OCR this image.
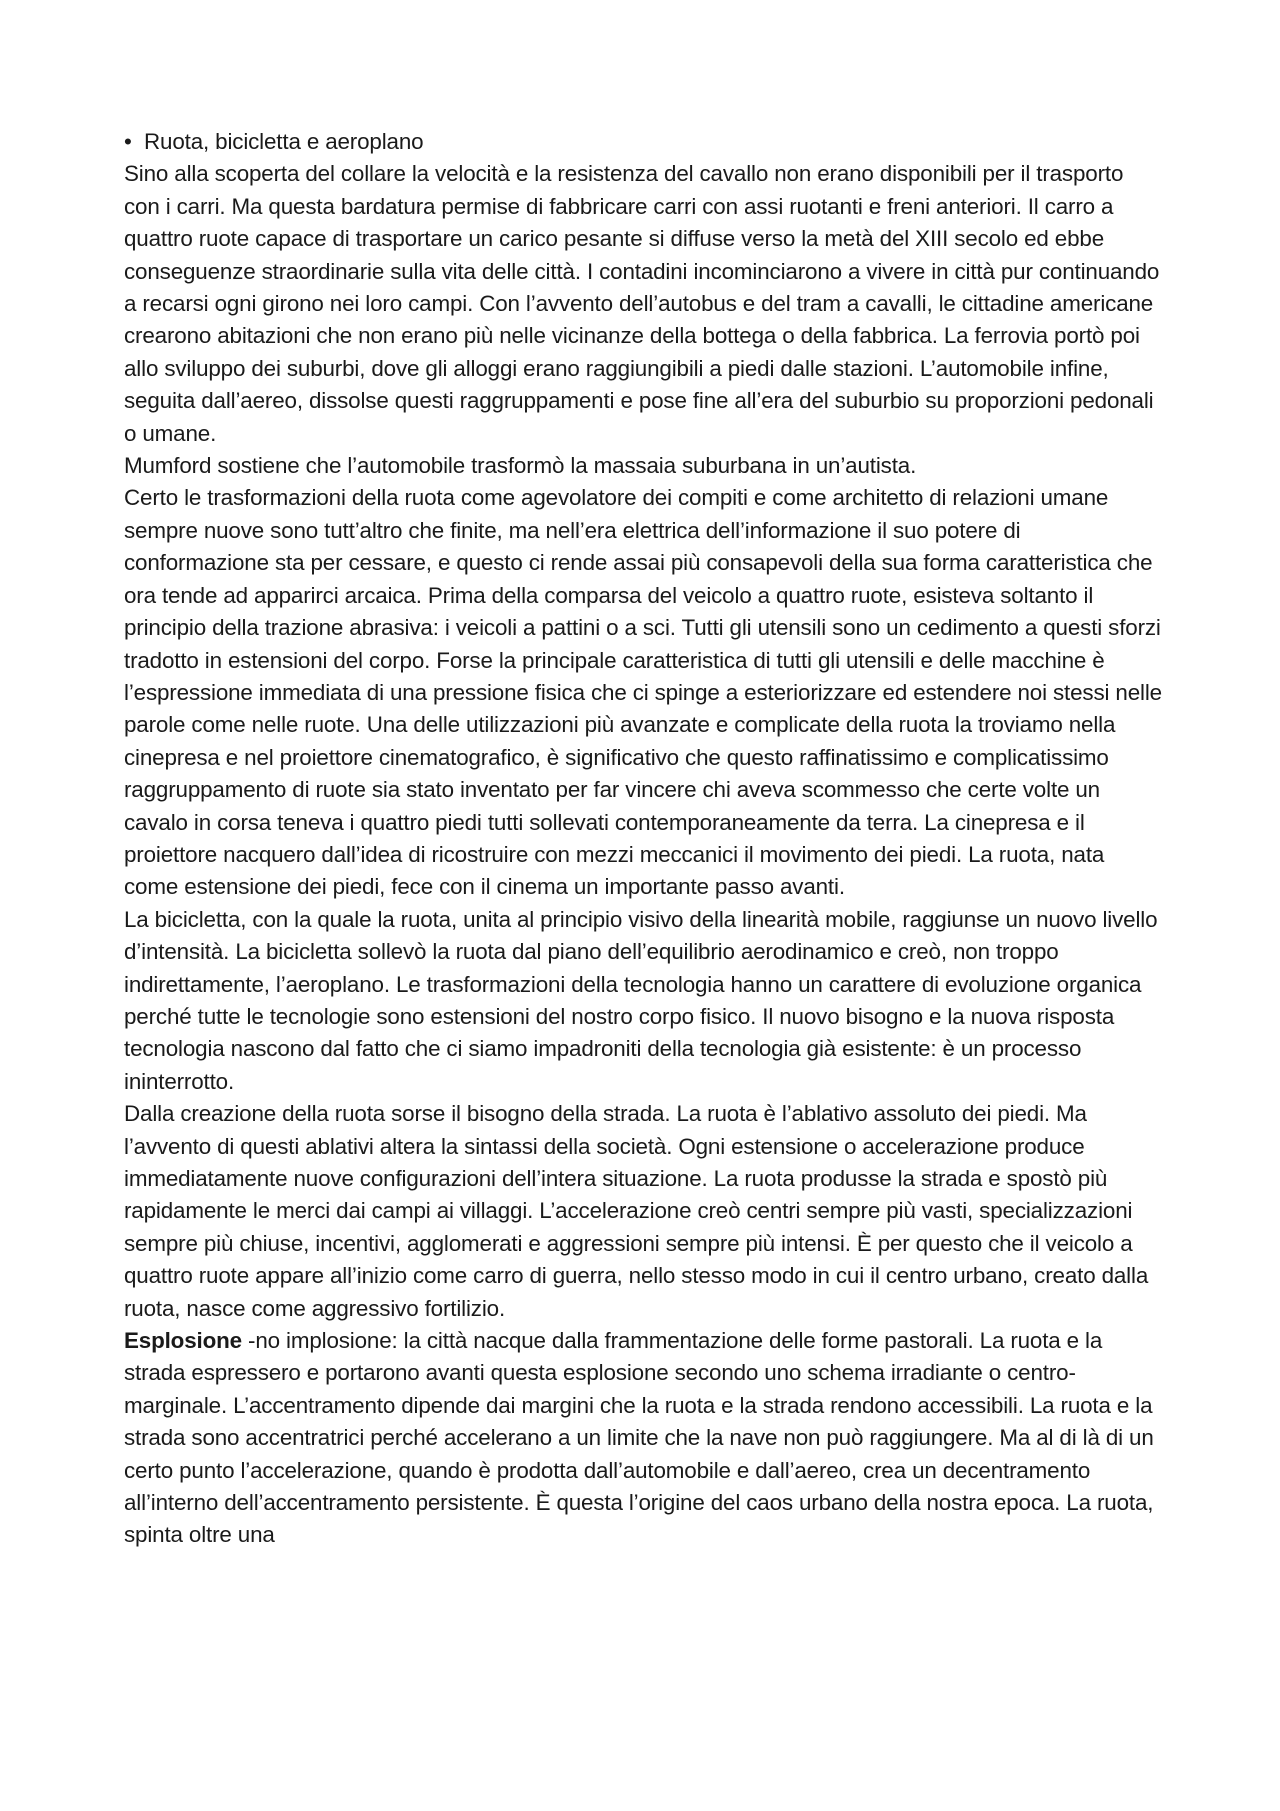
• Ruota, bicicletta e aeroplano

Sino alla scoperta del collare la velocità e la resistenza del cavallo non erano disponibili per il trasporto con i carri. Ma questa bardatura permise di fabbricare carri con assi ruotanti e freni anteriori. Il carro a quattro ruote capace di trasportare un carico pesante si diffuse verso la metà del XIII secolo ed ebbe conseguenze straordinarie sulla vita delle città. I contadini incominciarono a vivere in città pur continuando a recarsi ogni girono nei loro campi. Con l’avvento dell’autobus e del tram a cavalli, le cittadine americane crearono abitazioni che non erano più nelle vicinanze della bottega o della fabbrica. La ferrovia portò poi allo sviluppo dei suburbi, dove gli alloggi erano raggiungibili a piedi dalle stazioni. L’automobile infine, seguita dall’aereo, dissolse questi raggruppamenti e pose fine all’era del suburbio su proporzioni pedonali o umane.

Mumford sostiene che l’automobile trasformò la massaia suburbana in un’autista.

Certo le trasformazioni della ruota come agevolatore dei compiti e come architetto di relazioni umane sempre nuove sono tutt’altro che finite, ma nell’era elettrica dell’informazione il suo potere di conformazione sta per cessare, e questo ci rende assai più consapevoli della sua forma caratteristica che ora tende ad apparirci arcaica. Prima della comparsa del veicolo a quattro ruote, esisteva soltanto il principio della trazione abrasiva: i veicoli a pattini o a sci. Tutti gli utensili sono un cedimento a questi sforzi tradotto in estensioni del corpo. Forse la principale caratteristica di tutti gli utensili e delle macchine è l’espressione immediata di una pressione fisica che ci spinge a esteriorizzare ed estendere noi stessi nelle parole come nelle ruote. Una delle utilizzazioni più avanzate e complicate della ruota la troviamo nella cinepresa e nel proiettore cinematografico, è significativo che questo raffinatissimo e complicatissimo raggruppamento di ruote sia stato inventato per far vincere chi aveva scommesso che certe volte un cavalo in corsa teneva i quattro piedi tutti sollevati contemporaneamente da terra. La cinepresa e il proiettore nacquero dall’idea di ricostruire con mezzi meccanici il movimento dei piedi. La ruota, nata come estensione dei piedi, fece con il cinema un importante passo avanti.

La bicicletta, con la quale la ruota, unita al principio visivo della linearità mobile, raggiunse un nuovo livello d’intensità. La bicicletta sollevò la ruota dal piano dell’equilibrio aerodinamico e creò, non troppo indirettamente, l’aeroplano. Le trasformazioni della tecnologia hanno un carattere di evoluzione organica perché tutte le tecnologie sono estensioni del nostro corpo fisico. Il nuovo bisogno e la nuova risposta tecnologia nascono dal fatto che ci siamo impadroniti della tecnologia già esistente: è un processo ininterrotto.

Dalla creazione della ruota sorse il bisogno della strada. La ruota è l’ablativo assoluto dei piedi. Ma l’avvento di questi ablativi altera la sintassi della società. Ogni estensione o accelerazione produce immediatamente nuove configurazioni dell’intera situazione. La ruota produsse la strada e spostò più rapidamente le merci dai campi ai villaggi. L’accelerazione creò centri sempre più vasti, specializzazioni sempre più chiuse, incentivi, agglomerati e aggressioni sempre più intensi. È per questo che il veicolo a quattro ruote appare all’inizio come carro di guerra, nello stesso modo in cui il centro urbano, creato dalla ruota, nasce come aggressivo fortilizio.

Esplosione -no implosione: la città nacque dalla frammentazione delle forme pastorali. La ruota e la strada espressero e portarono avanti questa esplosione secondo uno schema irradiante o centro-marginale. L’accentramento dipende dai margini che la ruota e la strada rendono accessibili. La ruota e la strada sono accentratrici perché accelerano a un limite che la nave non può raggiungere. Ma al di là di un certo punto l’accelerazione, quando è prodotta dall’automobile e dall’aereo, crea un decentramento all’interno dell’accentramento persistente. È questa l’origine del caos urbano della nostra epoca. La ruota, spinta oltre una
